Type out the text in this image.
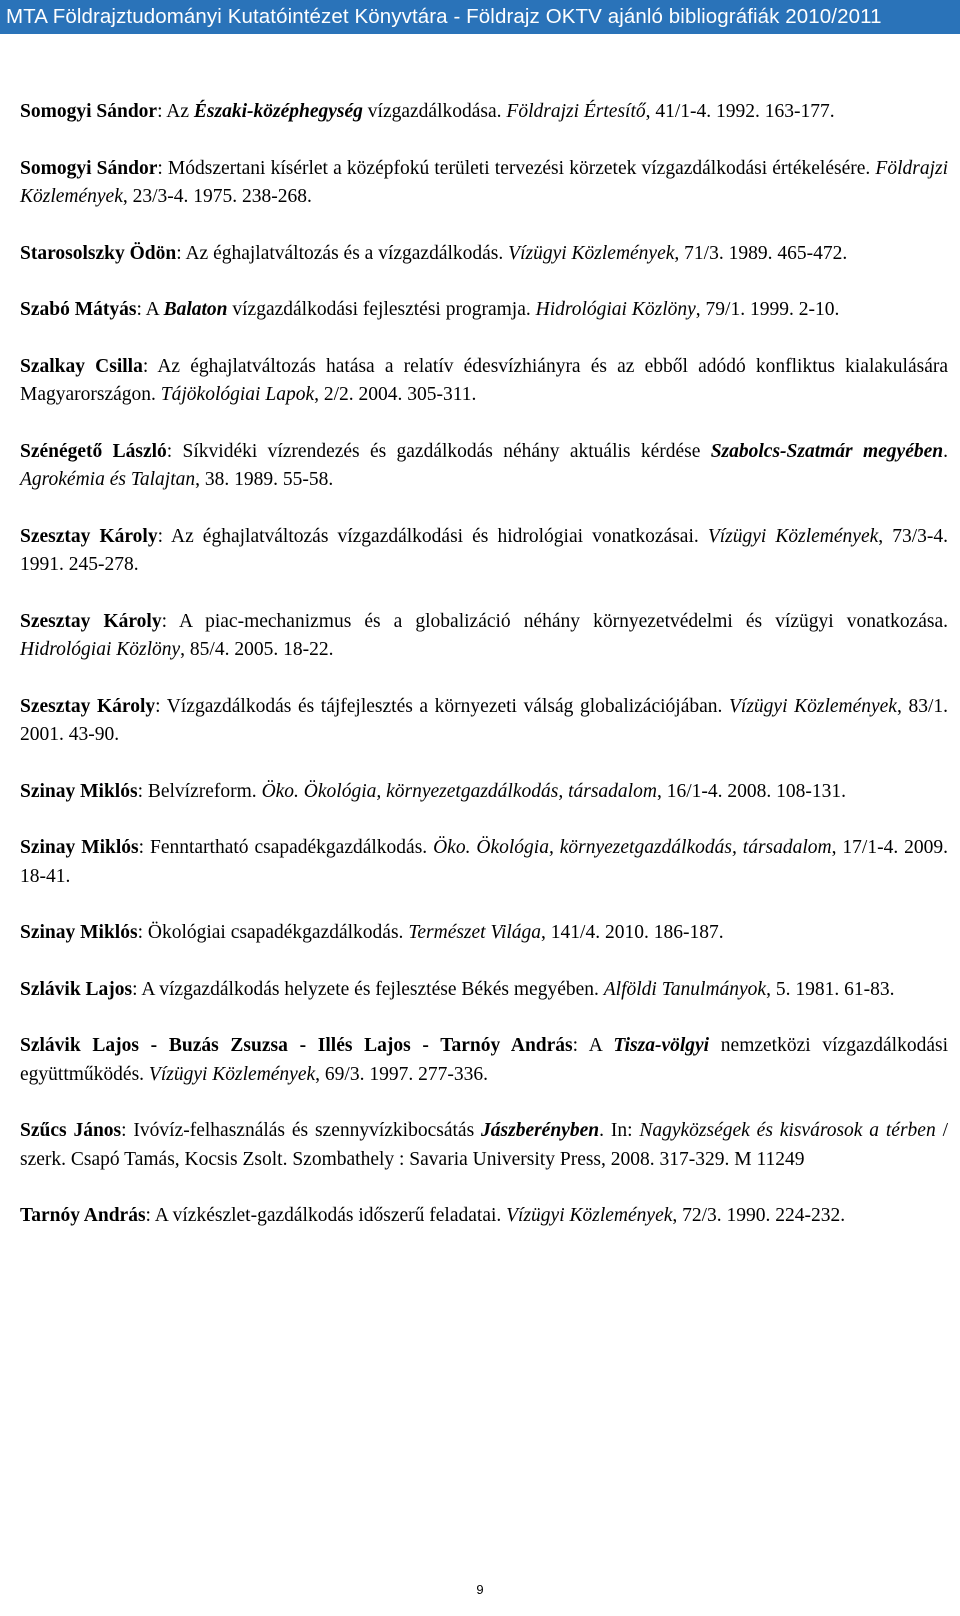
MTA Földrajztudományi Kutatóintézet Könyvtára - Földrajz OKTV ajánló bibliográfiák 2010/2011

Somogyi Sándor: Az Északi-középhegység vízgazdálkodása. Földrajzi Értesítő, 41/1-4. 1992. 163-177.

Somogyi Sándor: Módszertani kísérlet a középfokú területi tervezési körzetek vízgazdálkodási értékelésére. Földrajzi Közlemények, 23/3-4. 1975. 238-268.

Starosolszky Ödön: Az éghajlatváltozás és a vízgazdálkodás. Vízügyi Közlemények, 71/3. 1989. 465-472.

Szabó Mátyás: A Balaton vízgazdálkodási fejlesztési programja. Hidrológiai Közlöny, 79/1. 1999. 2-10.

Szalkay Csilla: Az éghajlatváltozás hatása a relatív édesvízhiányra és az ebből adódó konfliktus kialakulására Magyarországon. Tájökológiai Lapok, 2/2. 2004. 305-311.

Szénégető László: Síkvidéki vízrendezés és gazdálkodás néhány aktuális kérdése Szabolcs-Szatmár megyében. Agrokémia és Talajtan, 38. 1989. 55-58.

Szesztay Károly: Az éghajlatváltozás vízgazdálkodási és hidrológiai vonatkozásai. Vízügyi Közlemények, 73/3-4. 1991. 245-278.

Szesztay Károly: A piac-mechanizmus és a globalizáció néhány környezetvédelmi és vízügyi vonatkozása. Hidrológiai Közlöny, 85/4. 2005. 18-22.

Szesztay Károly: Vízgazdálkodás és tájfejlesztés a környezeti válság globalizációjában. Vízügyi Közlemények, 83/1. 2001. 43-90.

Szinay Miklós: Belvízreform. Öko. Ökológia, környezetgazdálkodás, társadalom, 16/1-4. 2008. 108-131.

Szinay Miklós: Fenntartható csapadékgazdálkodás. Öko. Ökológia, környezetgazdálkodás, társadalom, 17/1-4. 2009. 18-41.

Szinay Miklós: Ökológiai csapadékgazdálkodás. Természet Világa, 141/4. 2010. 186-187.

Szlávik Lajos: A vízgazdálkodás helyzete és fejlesztése Békés megyében. Alföldi Tanulmányok, 5. 1981. 61-83.

Szlávik Lajos - Buzás Zsuzsa - Illés Lajos - Tarnóy András: A Tisza-völgyi nemzetközi vízgazdálkodási együttműködés. Vízügyi Közlemények, 69/3. 1997. 277-336.

Szűcs János: Ivóvíz-felhasználás és szennyvízkibocsátás Jászberényben. In: Nagyközségek és kisvárosok a térben / szerk. Csapó Tamás, Kocsis Zsolt. Szombathely : Savaria University Press, 2008. 317-329. M 11249

Tarnóy András: A vízkészlet-gazdálkodás időszerű feladatai. Vízügyi Közlemények, 72/3. 1990. 224-232.

9
